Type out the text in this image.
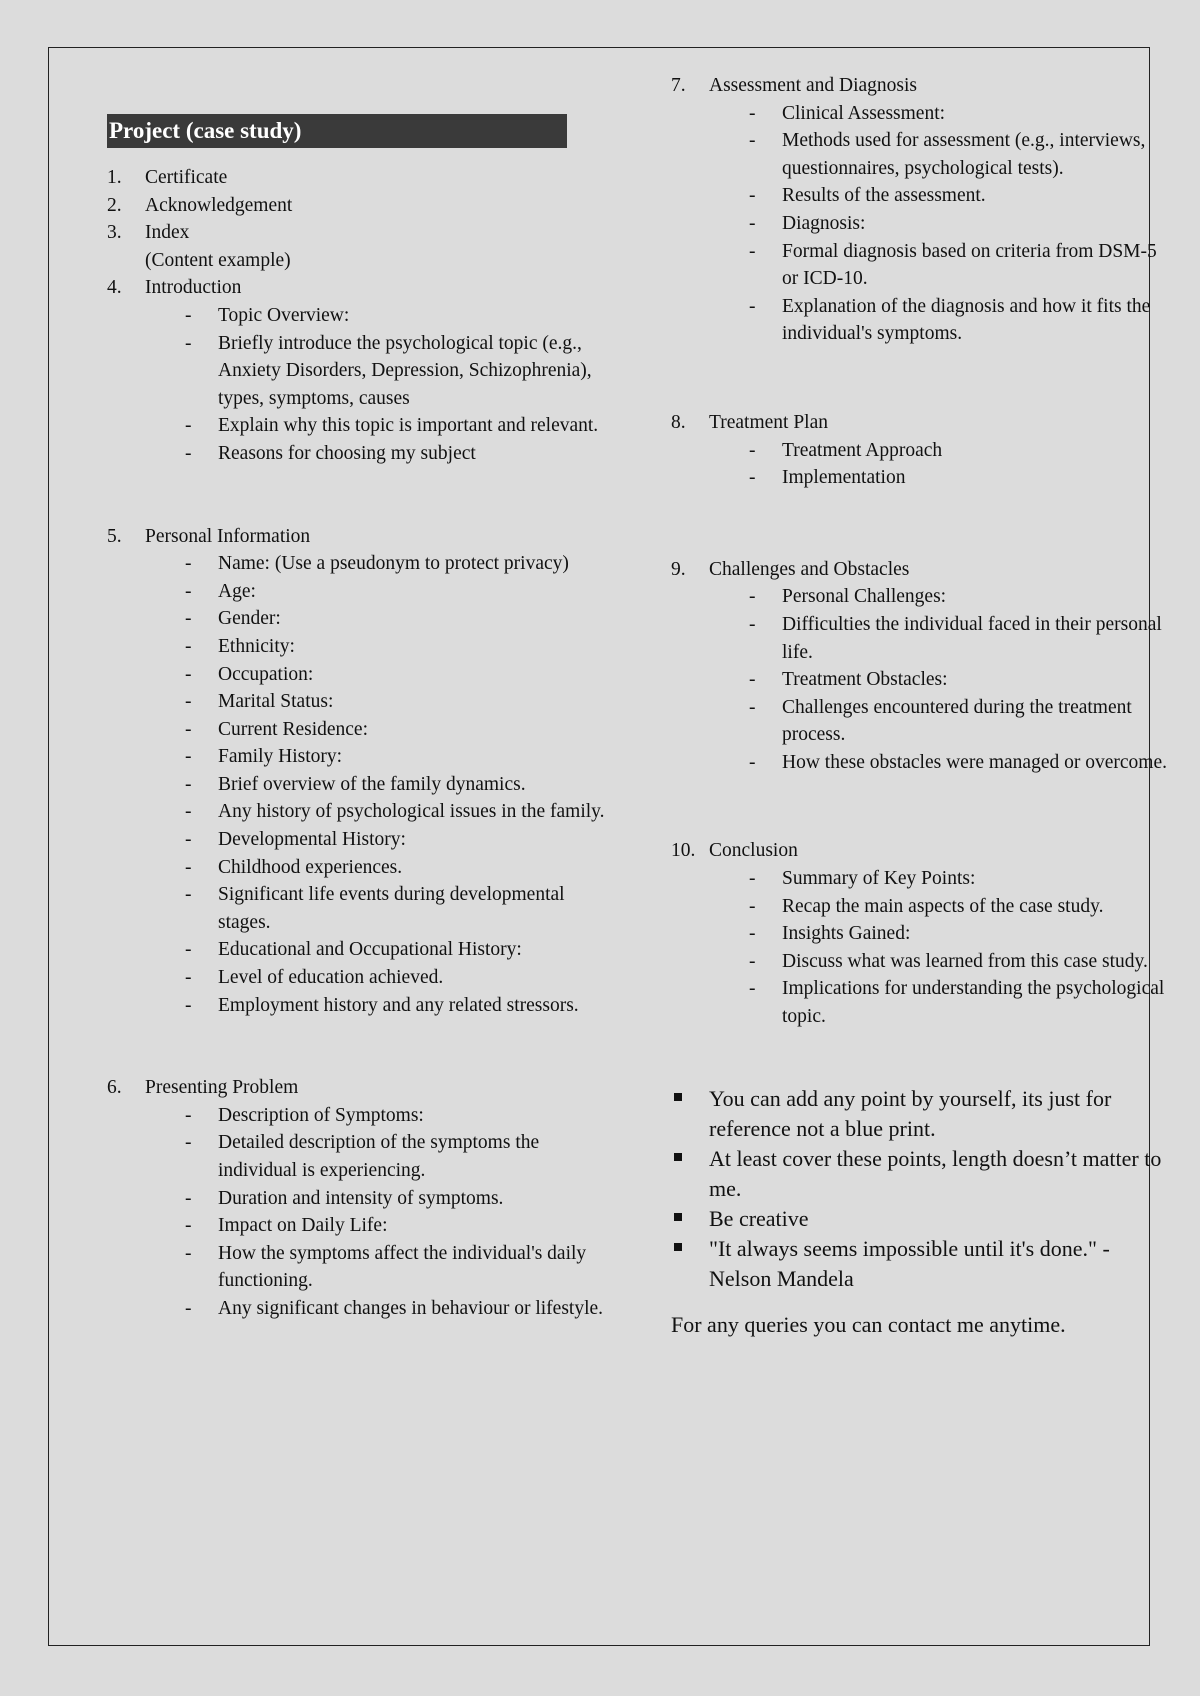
Project (case study)
1.	Certificate
2.	Acknowledgement
3.	Index
(Content example)
4.	Introduction
- Topic Overview:
- Briefly introduce the psychological topic (e.g., Anxiety Disorders, Depression, Schizophrenia), types, symptoms, causes
- Explain why this topic is important and relevant.
- Reasons for choosing my subject
5.	Personal Information
- Name: (Use a pseudonym to protect privacy)
- Age:
- Gender:
- Ethnicity:
- Occupation:
- Marital Status:
- Current Residence:
- Family History:
- Brief overview of the family dynamics.
- Any history of psychological issues in the family.
- Developmental History:
- Childhood experiences.
- Significant life events during developmental stages.
- Educational and Occupational History:
- Level of education achieved.
- Employment history and any related stressors.
6.	Presenting Problem
- Description of Symptoms:
- Detailed description of the symptoms the individual is experiencing.
- Duration and intensity of symptoms.
- Impact on Daily Life:
- How the symptoms affect the individual's daily functioning.
- Any significant changes in behaviour or lifestyle.
7.	Assessment and Diagnosis
- Clinical Assessment:
- Methods used for assessment (e.g., interviews, questionnaires, psychological tests).
- Results of the assessment.
- Diagnosis:
- Formal diagnosis based on criteria from DSM-5 or ICD-10.
- Explanation of the diagnosis and how it fits the individual's symptoms.
8.	Treatment Plan
- Treatment Approach
- Implementation
9.	Challenges and Obstacles
- Personal Challenges:
- Difficulties the individual faced in their personal life.
- Treatment Obstacles:
- Challenges encountered during the treatment process.
- How these obstacles were managed or overcome.
10. Conclusion
- Summary of Key Points:
- Recap the main aspects of the case study.
- Insights Gained:
- Discuss what was learned from this case study.
- Implications for understanding the psychological topic.
You can add any point by yourself, its just for reference not a blue print.
At least cover these points, length doesn’t matter to me.
Be creative
"It always seems impossible until it's done." - Nelson Mandela
For any queries you can contact me anytime.
